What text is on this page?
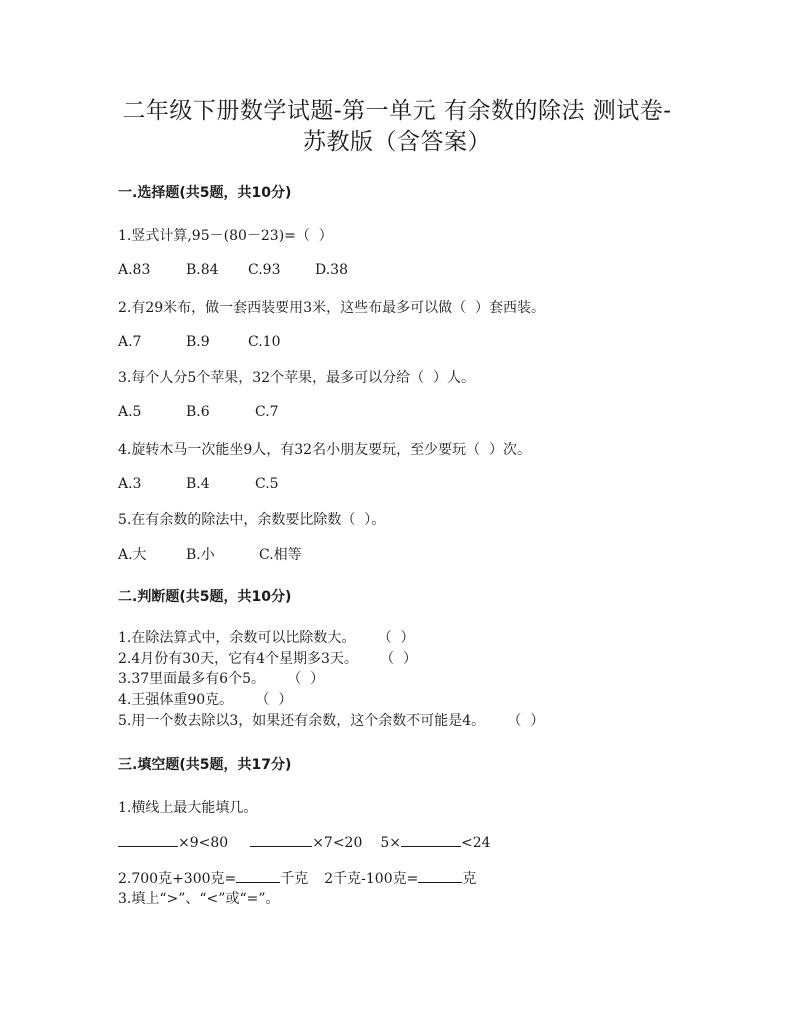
二年级下册数学试题-第一单元 有余数的除法 测试卷-
苏教版（含答案）
一.选择题(共5题，共10分)
1.竖式计算,95－(80－23)=（  ）
A.83	B.84 C.93 D.38
2.有29米布，做一套西装要用3米，这些布最多可以做（  ）套西装。
A.7	B.9	C.10
3.每个人分5个苹果，32个苹果，最多可以分给（  ）人。
A.5	B.6	C.7
4.旋转木马一次能坐9人，有32名小朋友要玩，至少要玩（  ）次。
A.3	B.4	C.5
5.在有余数的除法中，余数要比除数（  ）。
A.大	B.小	C.相等
二.判断题(共5题，共10分)
1.在除法算式中，余数可以比除数大。     （  ）
2.4月份有30天，它有4个星期多3天。     （  ）
3.37里面最多有6个5。     （  ）
4.王强体重90克。     （  ）
5.用一个数去除以3，如果还有余数，这个余数不可能是4。     （  ）
三.填空题(共5题，共17分)
1.横线上最大能填几。
×9<80	×7<20 5×	<24
2.700克+300克=	千克 2千克-100克=	克
3.填上“>”、“<”或“=”。
